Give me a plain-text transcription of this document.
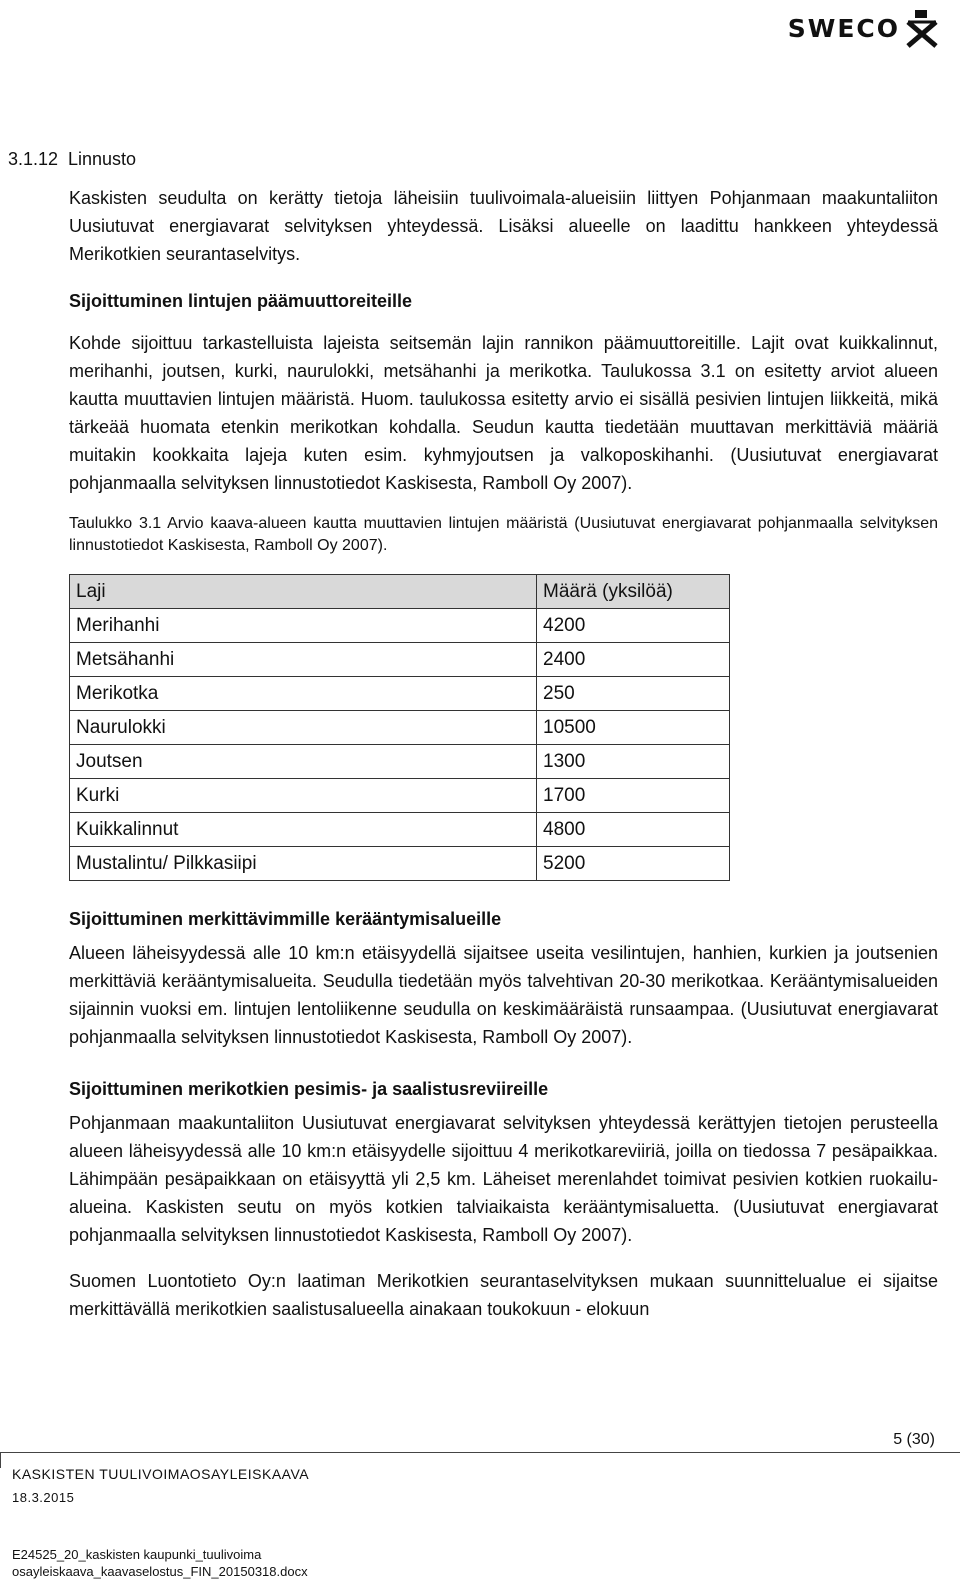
SWECO
3.1.12 Linnusto

Kaskisten seudulta on kerätty tietoja läheisiin tuulivoimala-alueisiin liittyen Pohjanmaan maakuntaliiton Uusiutuvat energiavarat selvityksen yhteydessä. Lisäksi alueelle on laadittu hankkeen yhteydessä Merikotkien seurantaselvitys.

Sijoittuminen lintujen päämuuttoreiteille

Kohde sijoittuu tarkastelluista lajeista seitsemän lajin rannikon päämuuttoreitille. Lajit ovat kuikkalinnut, merihanhi, joutsen, kurki, naurulokki, metsähanhi ja merikotka. Taulukossa 3.1 on esitetty arviot alueen kautta muuttavien lintujen määristä. Huom. taulukossa esitetty arvio ei sisällä pesivien lintujen liikkeitä, mikä tärkeää huomata etenkin merikotkan kohdalla. Seudun kautta tiedetään muuttavan merkittäviä määriä muitakin kookkaita lajeja kuten esim. kyhmyjoutsen ja valkoposkihanhi. (Uusiutuvat energiavarat pohjanmaalla selvityksen linnustotiedot Kaskisesta, Ramboll Oy 2007).

Taulukko 3.1 Arvio kaava-alueen kautta muuttavien lintujen määristä (Uusiutuvat energiavarat pohjanmaalla selvityksen linnustotiedot Kaskisesta, Ramboll Oy 2007).

Laji	Määrä (yksilöä)
Merihanhi	4200
Metsähanhi	2400
Merikotka	250
Naurulokki	10500
Joutsen	1300
Kurki	1700
Kuikkalinnut	4800
Mustalintu/ Pilkkasiipi	5200

Sijoittuminen merkittävimmille kerääntymisalueille

Alueen läheisyydessä alle 10 km:n etäisyydellä sijaitsee useita vesilintujen, hanhien, kurkien ja joutsenien merkittäviä kerääntymisalueita. Seudulla tiedetään myös talvehtivan 20-30 merikotkaa. Kerääntymisalueiden sijainnin vuoksi em. lintujen lentoliikenne seudulla on keskimääräistä runsaampaa. (Uusiutuvat energiavarat pohjanmaalla selvityksen linnustotiedot Kaskisesta, Ramboll Oy 2007).

Sijoittuminen merikotkien pesimis- ja saalistusreviireille

Pohjanmaan maakuntaliiton Uusiutuvat energiavarat selvityksen yhteydessä kerättyjen tietojen perusteella alueen läheisyydessä alle 10 km:n etäisyydelle sijoittuu 4 merikotkareviiriä, joilla on tiedossa 7 pesäpaikkaa. Lähimpään pesäpaikkaan on etäisyyttä yli 2,5 km. Läheiset merenlahdet toimivat pesivien kotkien ruokailu-alueina. Kaskisten seutu on myös kotkien talviaikaista kerääntymisaluetta. (Uusiutuvat energiavarat pohjanmaalla selvityksen linnustotiedot Kaskisesta, Ramboll Oy 2007).

Suomen Luontotieto Oy:n laatiman Merikotkien seurantaselvityksen mukaan suunnittelualue ei sijaitse merkittävällä merikotkien saalistusalueella ainakaan toukokuun - elokuun

5 (30)
KASKISTEN TUULIVOIMAOSAYLEISKAAVA
18.3.2015
E24525_20_kaskisten kaupunki_tuulivoima
osayleiskaava_kaavaselostus_FIN_20150318.docx
